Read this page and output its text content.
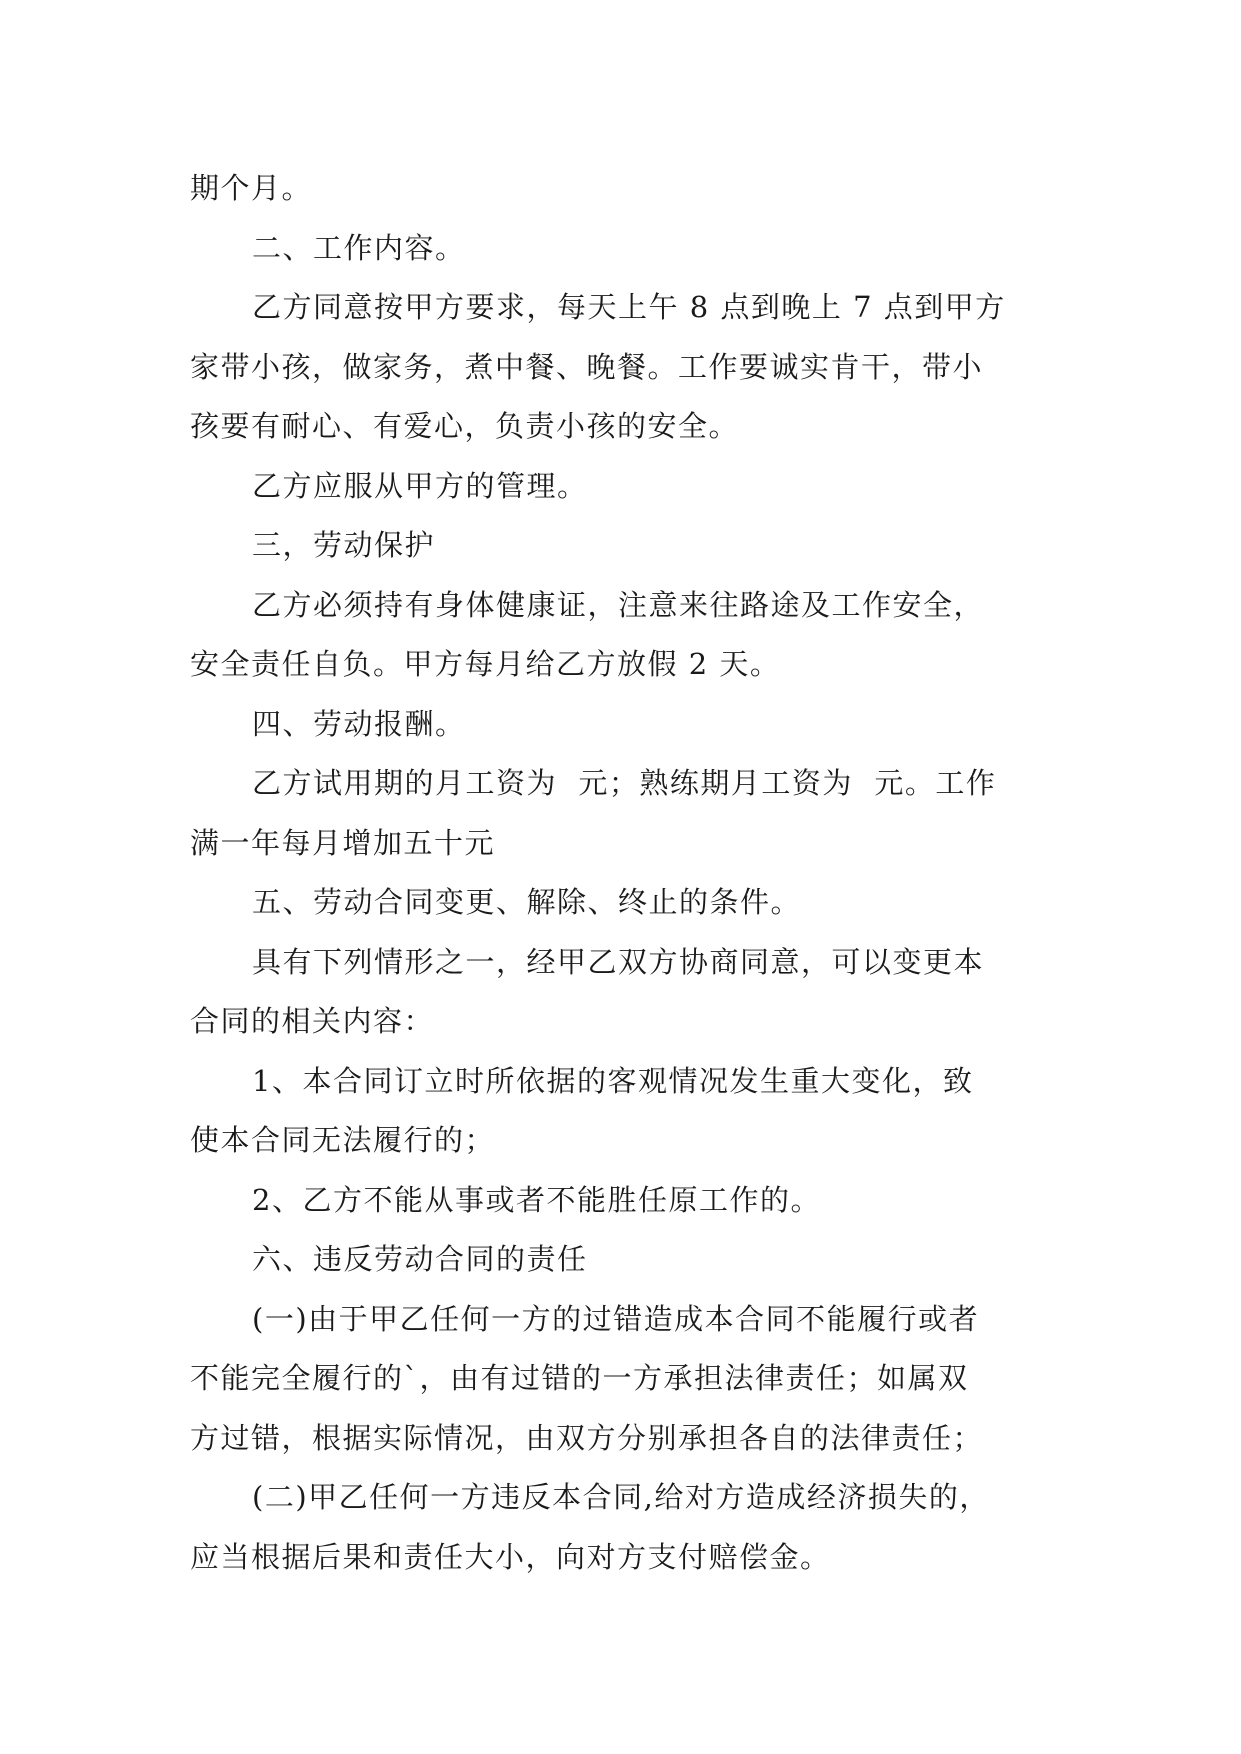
期个月。
二、工作内容。
乙方同意按甲方要求，每天上午 8 点到晚上 7 点到甲方
家带小孩，做家务，煮中餐、晚餐。工作要诚实肯干，带小
孩要有耐心、有爱心，负责小孩的安全。
乙方应服从甲方的管理。
三，劳动保护
乙方必须持有身体健康证，注意来往路途及工作安全，
安全责任自负。甲方每月给乙方放假 2 天。
四、劳动报酬。
乙方试用期的月工资为  元；熟练期月工资为  元。工作
满一年每月增加五十元
五、劳动合同变更、解除、终止的条件。
具有下列情形之一，经甲乙双方协商同意，可以变更本
合同的相关内容：
1、本合同订立时所依据的客观情况发生重大变化，致
使本合同无法履行的；
2、乙方不能从事或者不能胜任原工作的。
六、违反劳动合同的责任
(一)由于甲乙任何一方的过错造成本合同不能履行或者
不能完全履行的`，由有过错的一方承担法律责任；如属双
方过错，根据实际情况，由双方分别承担各自的法律责任；
(二)甲乙任何一方违反本合同,给对方造成经济损失的，
应当根据后果和责任大小，向对方支付赔偿金。
